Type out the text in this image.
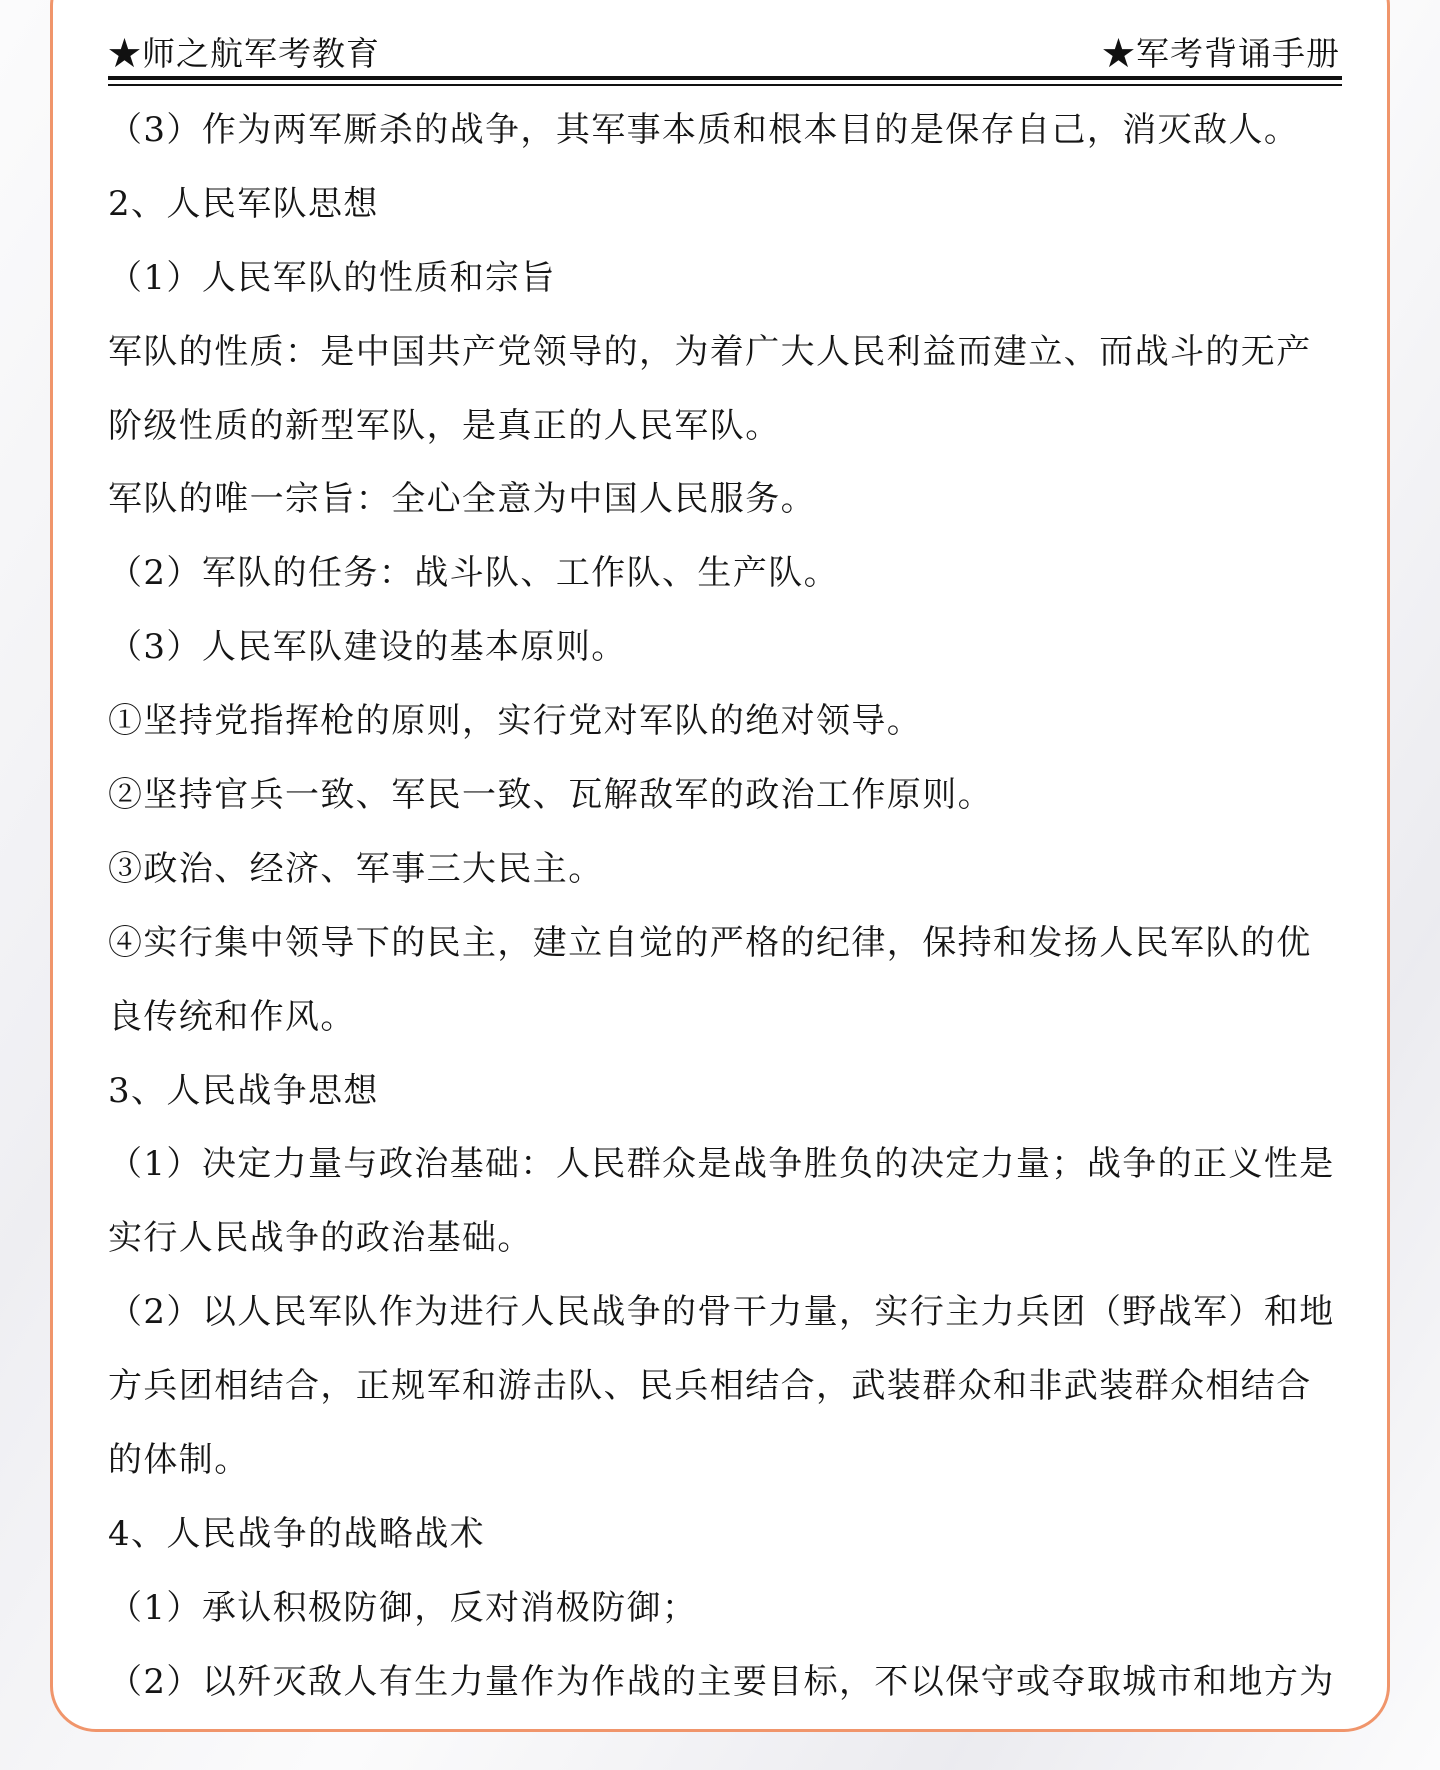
★师之航军考教育	★军考背诵手册
（3）作为两军厮杀的战争，其军事本质和根本目的是保存自己，消灭敌人。
2、人民军队思想
（1）人民军队的性质和宗旨
军队的性质：是中国共产党领导的，为着广大人民利益而建立、而战斗的无产
阶级性质的新型军队，是真正的人民军队。
军队的唯一宗旨：全心全意为中国人民服务。
（2）军队的任务：战斗队、工作队、生产队。
（3）人民军队建设的基本原则。
①坚持党指挥枪的原则，实行党对军队的绝对领导。
②坚持官兵一致、军民一致、瓦解敌军的政治工作原则。
③政治、经济、军事三大民主。
④实行集中领导下的民主，建立自觉的严格的纪律，保持和发扬人民军队的优
良传统和作风。
3、人民战争思想
（1）决定力量与政治基础：人民群众是战争胜负的决定力量；战争的正义性是
实行人民战争的政治基础。
（2）以人民军队作为进行人民战争的骨干力量，实行主力兵团（野战军）和地
方兵团相结合，正规军和游击队、民兵相结合，武装群众和非武装群众相结合
的体制。
4、人民战争的战略战术
（1）承认积极防御，反对消极防御；
（2）以歼灭敌人有生力量作为作战的主要目标，不以保守或夺取城市和地方为
